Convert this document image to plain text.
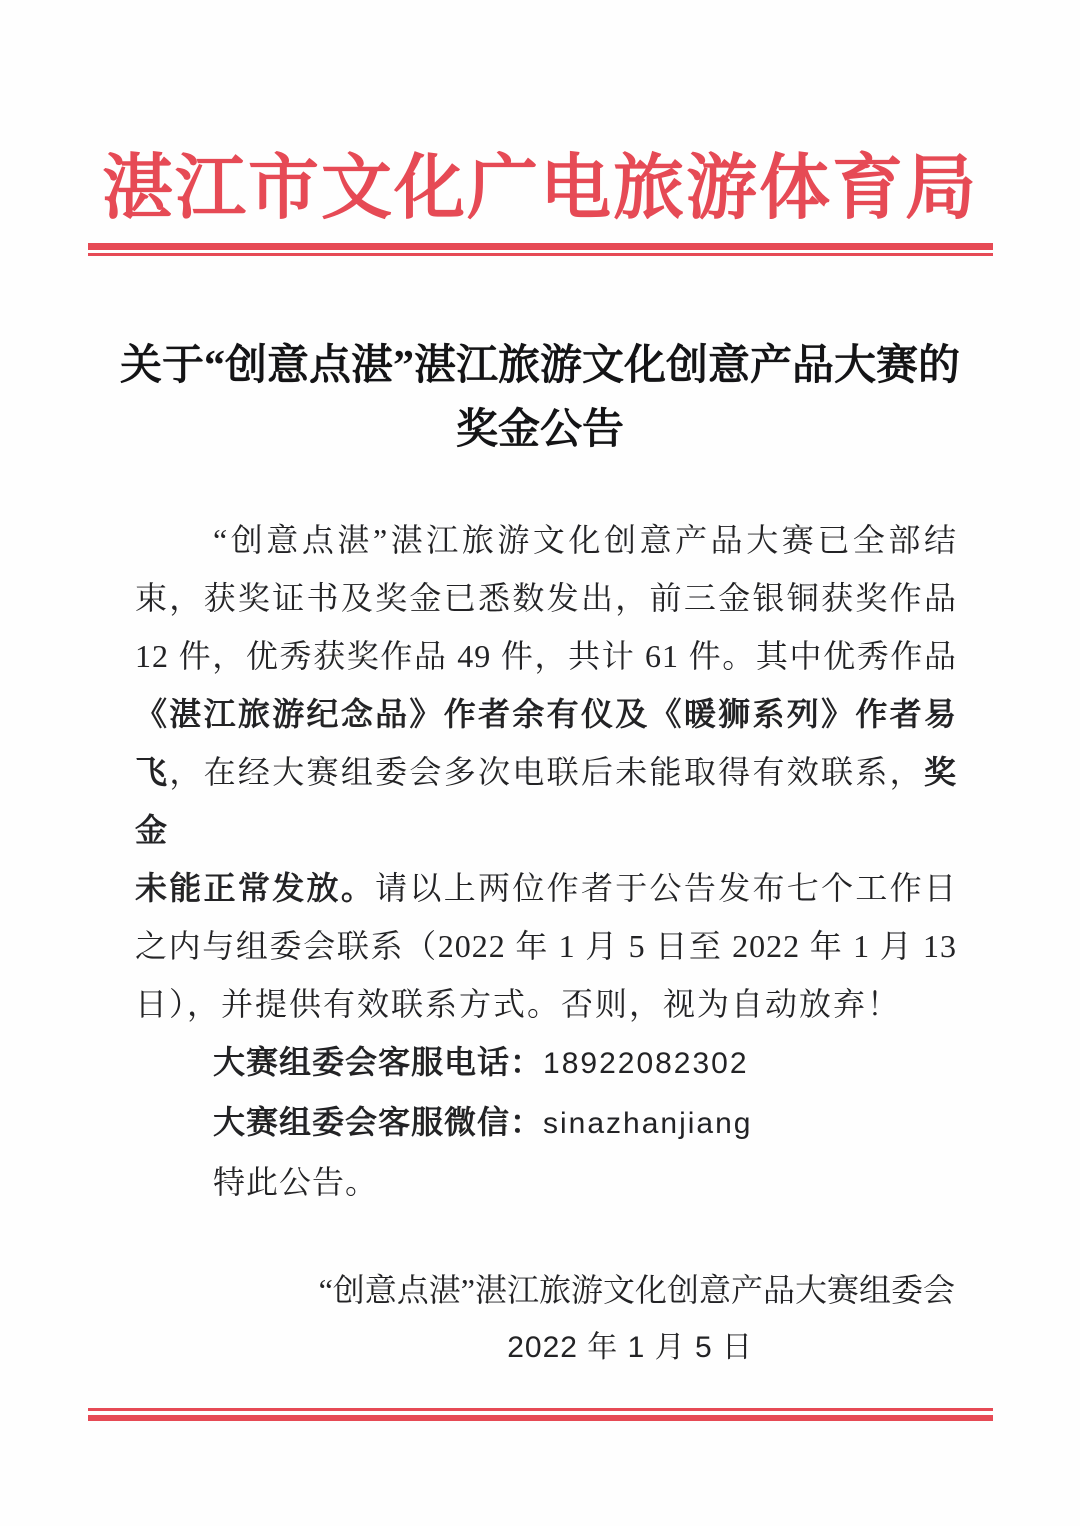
湛江市文化广电旅游体育局
关于“创意点湛”湛江旅游文化创意产品大赛的
奖金公告
“创意点湛”湛江旅游文化创意产品大赛已全部结
束，获奖证书及奖金已悉数发出，前三金银铜获奖作品
12 件，优秀获奖作品 49 件，共计 61 件。其中优秀作品
《湛江旅游纪念品》作者余有仪及《暖狮系列》作者易
飞，在经大赛组委会多次电联后未能取得有效联系，奖金
未能正常发放。请以上两位作者于公告发布七个工作日
之内与组委会联系（2022 年 1 月 5 日至 2022 年 1 月 13
日），并提供有效联系方式。否则，视为自动放弃！
大赛组委会客服电话：18922082302
大赛组委会客服微信：sinazhanjiang
特此公告。
“创意点湛”湛江旅游文化创意产品大赛组委会
2022 年 1 月 5 日
